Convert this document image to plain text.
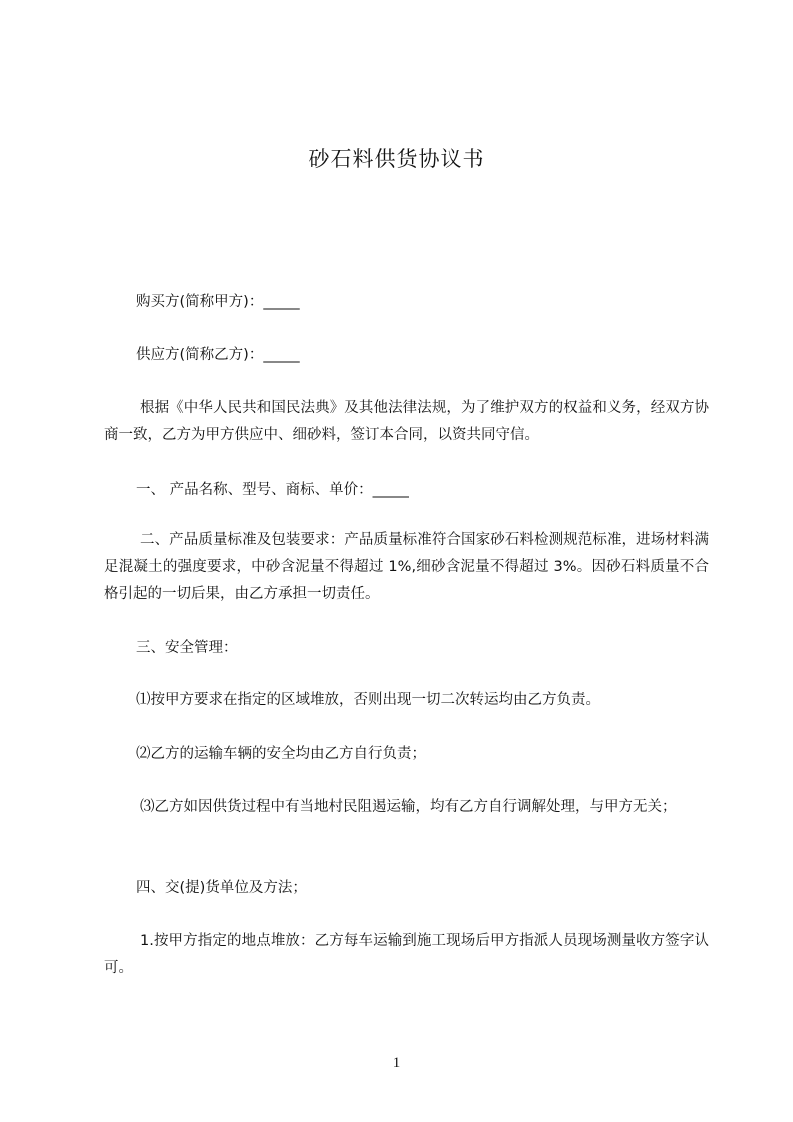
砂石料供货协议书

购买方(简称甲方)：_____

供应方(简称乙方)：_____

根据《中华人民共和国民法典》及其他法律法规，为了维护双方的权益和义务，经双方协商一致，乙方为甲方供应中、细砂料，签订本合同，以资共同守信。

一、 产品名称、型号、商标、单价：_____

二、产品质量标准及包装要求：产品质量标准符合国家砂石料检测规范标准，进场材料满足混凝土的强度要求，中砂含泥量不得超过 1%,细砂含泥量不得超过 3%。因砂石料质量不合格引起的一切后果，由乙方承担一切责任。

三、安全管理：

⑴按甲方要求在指定的区域堆放，否则出现一切二次转运均由乙方负责。

⑵乙方的运输车辆的安全均由乙方自行负责；

⑶乙方如因供货过程中有当地村民阻遏运输，均有乙方自行调解处理，与甲方无关；

四、交(提)货单位及方法；

1.按甲方指定的地点堆放：乙方每车运输到施工现场后甲方指派人员现场测量收方签字认可。

1
